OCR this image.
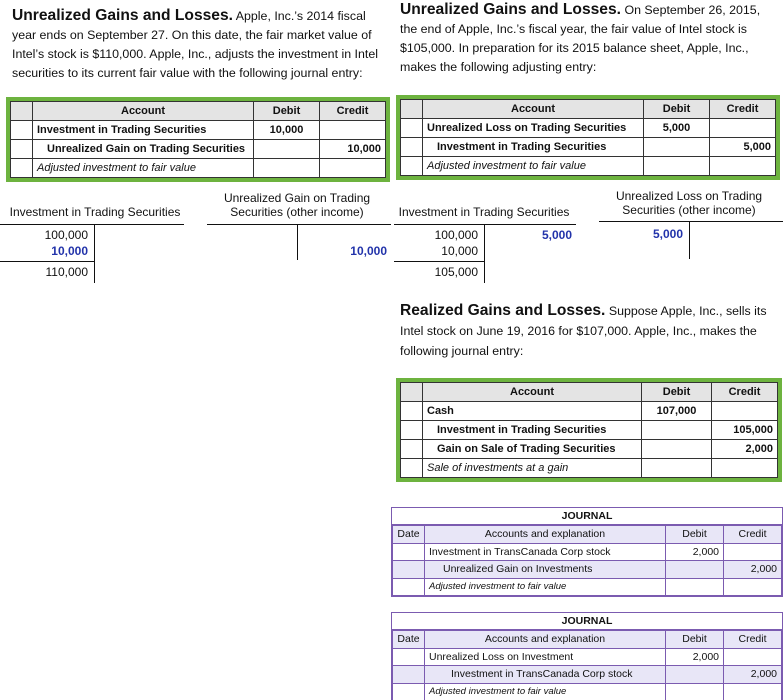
Unrealized Gains and Losses. Apple, Inc.’s 2014 fiscal year ends on September 27. On this date, the fair market value of Intel’s stock is $110,000. Apple, Inc., adjusts the investment in Intel securities to its current fair value with the following journal entry:

	Account	Debit	Credit
	Investment in Trading Securities	10,000	
	Unrealized Gain on Trading Securities		10,000
	Adjusted investment to fair value		
Investment in Trading Securities
100,000
10,000
110,000
Unrealized Gain on Trading
Securities (other income)
10,000

Unrealized Gains and Losses. On September 26, 2015, the end of Apple, Inc.’s fiscal year, the fair value of Intel stock is $105,000. In preparation for its 2015 balance sheet, Apple, Inc., makes the following adjusting entry:

	Account	Debit	Credit
	Unrealized Loss on Trading Securities	5,000	
	Investment in Trading Securities		5,000
	Adjusted investment to fair value		
Investment in Trading Securities
100,000
10,000
5,000
105,000
Unrealized Loss on Trading
Securities (other income)
5,000

Realized Gains and Losses. Suppose Apple, Inc., sells its Intel stock on June 19, 2016 for $107,000. Apple, Inc., makes the following journal entry:

	Account	Debit	Credit
	Cash	107,000	
	Investment in Trading Securities		105,000
	Gain on Sale of Trading Securities		2,000
	Sale of investments at a gain		
JOURNAL
Date	Accounts and explanation	Debit	Credit
	Investment in TransCanada Corp stock	2,000	
	Unrealized Gain on Investments		2,000
	Adjusted investment to fair value		
JOURNAL
Date	Accounts and explanation	Debit	Credit
	Unrealized Loss on Investment	2,000	
	Investment in TransCanada Corp stock		2,000
	Adjusted investment to fair value		
